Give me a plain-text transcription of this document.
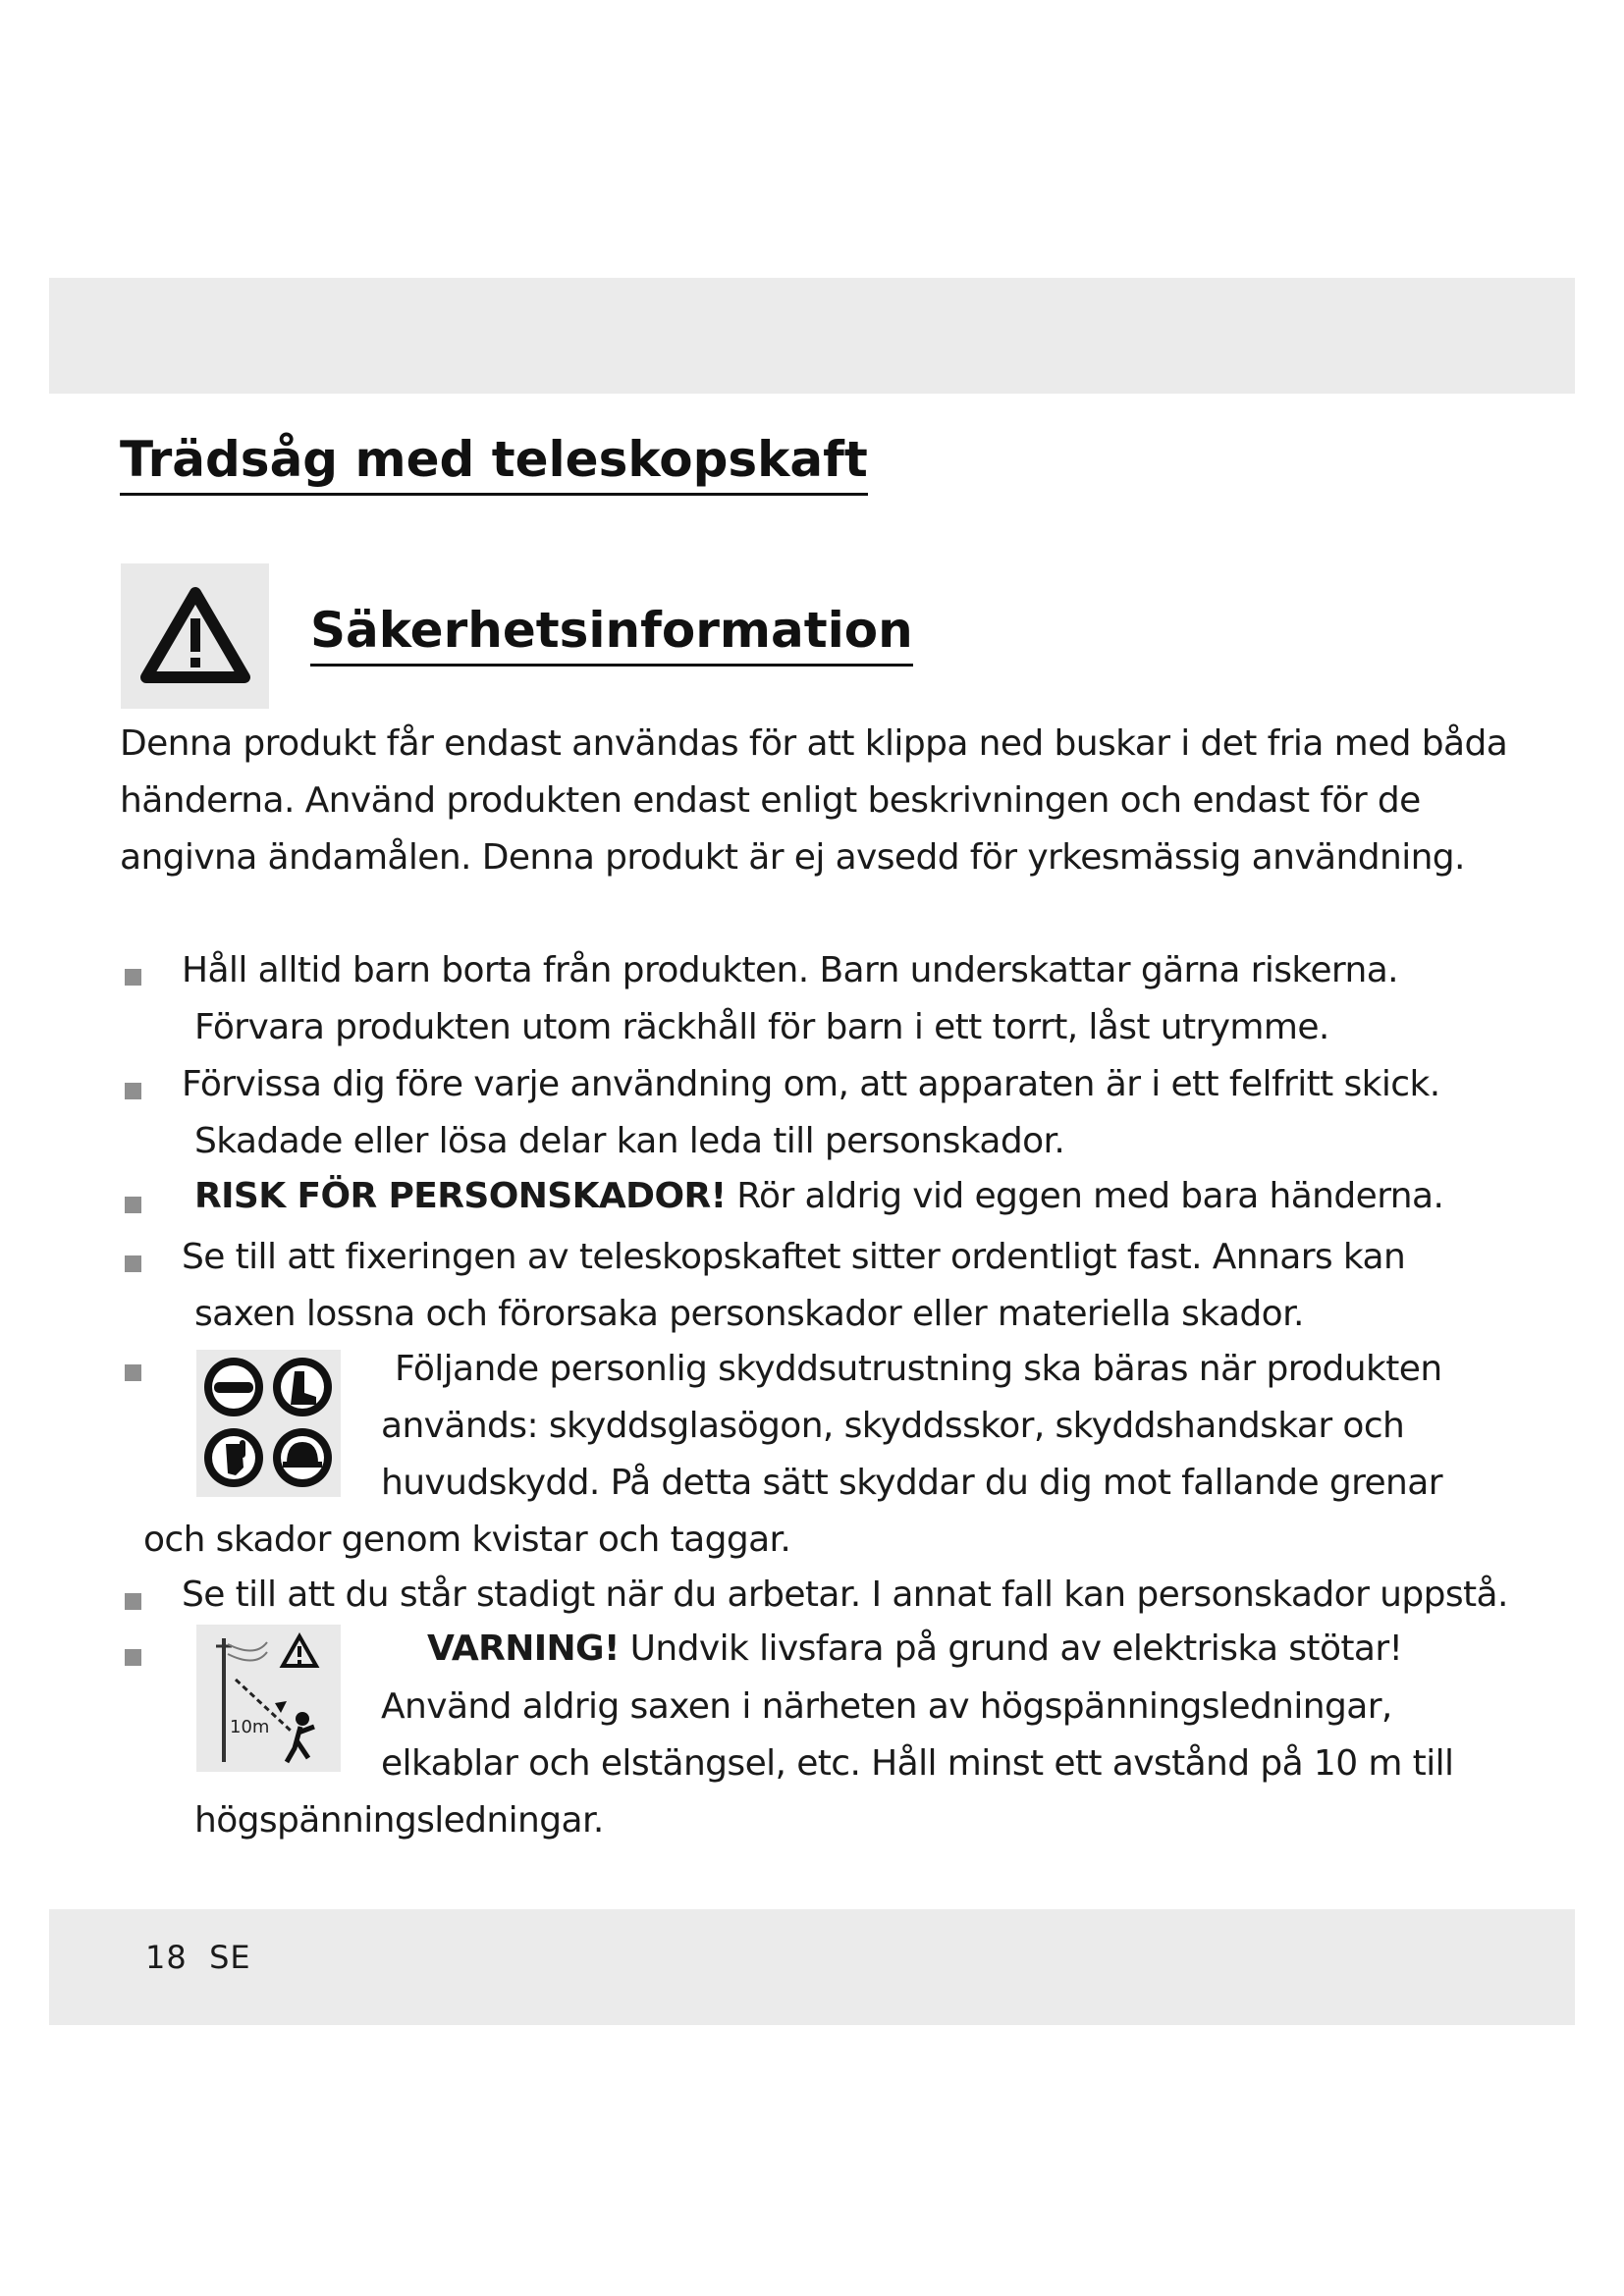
Trädsåg med teleskopskaft
Säkerhetsinformation

Denna produkt får endast användas för att klippa ned buskar i det fria med båda

händerna. Använd produkten endast enligt beskrivningen och endast för de

angivna ändamålen. Denna produkt är ej avsedd för yrkesmässig användning.

Håll alltid barn borta från produkten. Barn underskattar gärna riskerna.

Förvara produkten utom räckhåll för barn i ett torrt, låst utrymme.

Förvissa dig före varje användning om, att apparaten är i ett felfritt skick.

Skadade eller lösa delar kan leda till personskador.

RISK FÖR PERSONSKADOR! Rör aldrig vid eggen med bara händerna.

Se till att fixeringen av teleskopskaftet sitter ordentligt fast. Annars kan

saxen lossna och förorsaka personskador eller materiella skador.

Följande personlig skyddsutrustning ska bäras när produkten

används: skyddsglasögon, skyddsskor, skyddshandskar och

huvudskydd. På detta sätt skyddar du dig mot fallande grenar

och skador genom kvistar och taggar.

Se till att du står stadigt när du arbetar. I annat fall kan personskador uppstå.

10m

VARNING! Undvik livsfara på grund av elektriska stötar!

Använd aldrig saxen i närheten av högspänningsledningar,

elkablar och elstängsel, etc. Håll minst ett avstånd på 10 m till

högspänningsledningar.

18 SE
